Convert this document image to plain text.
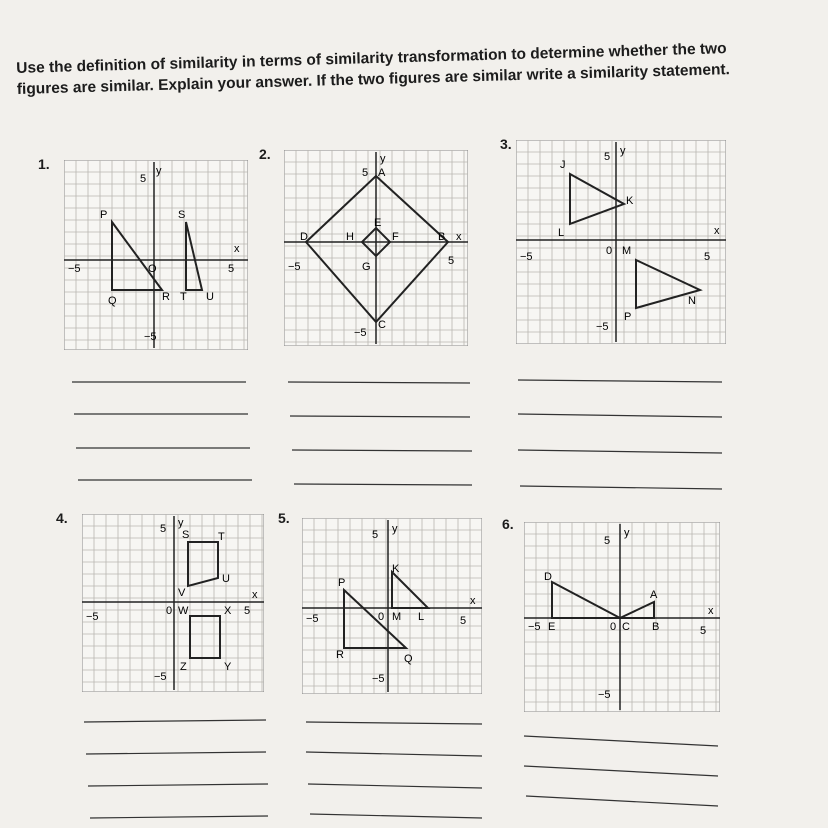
Use the definition of similarity in terms of similarity transformation to determine whether the two figures are similar. Explain your answer. If the two figures are similar write a similarity statement.
1.
2.
3.
4.	5.	6.
y
5
−5
−5
O
x
5
P
Q	R
S
T U
y
5
−5
−5
x
5
A
B
C
D
E
F
G
H
y
5
−5
−5
0
x
5
J
K
L
M
N
P
y
5
−5
−5
0
x
5
S	T
U
V
W	X
Y
Z
y
5
−5
−5
0
x
5
K
L
M
P
Q
R
y
5
−5
−5
0
x
5
A
B
C
D
E
